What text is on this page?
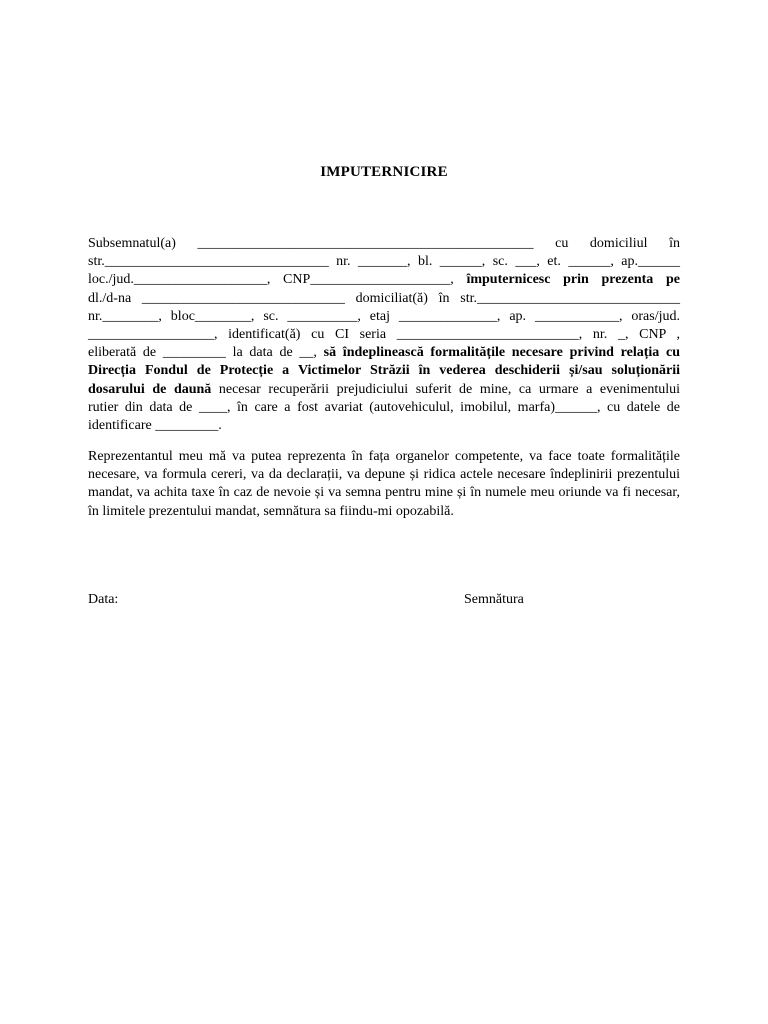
IMPUTERNICIRE
Subsemnatul(a) ________________________________________________ cu domiciliul în
str.________________________________ nr. _______, bl. ______, sc. ___, et. ______, ap.______
loc./jud.___________________, CNP____________________, împuternicesc prin prezenta pe
dl./d-na _____________________________ domiciliat(ă) în str._____________________________
nr.________, bloc________, sc. __________, etaj ______________, ap. ____________, oras/jud.
__________________, identificat(ă) cu CI seria __________________________, nr. _, CNP ,
eliberată de _________ la data de __, să îndeplinească formalitățile necesare privind relația cu
Direcția Fondul de Protecție a Victimelor Străzii în vederea deschiderii și/sau soluționării
dosarului de daună necesar recuperării prejudiciului suferit de mine, ca urmare a evenimentului
rutier din data de ____, în care a fost avariat (autovehiculul, imobilul, marfa)______, cu datele de
identificare _________.
Reprezentantul meu mă va putea reprezenta în fața organelor competente, va face toate formalitățile necesare, va formula cereri, va da declarații, va depune și ridica actele necesare îndeplinirii prezentului mandat, va achita taxe în caz de nevoie și va semna pentru mine și în numele meu oriunde va fi necesar, în limitele prezentului mandat, semnătura sa fiindu-mi opozabilă.
Data:	Semnătura
